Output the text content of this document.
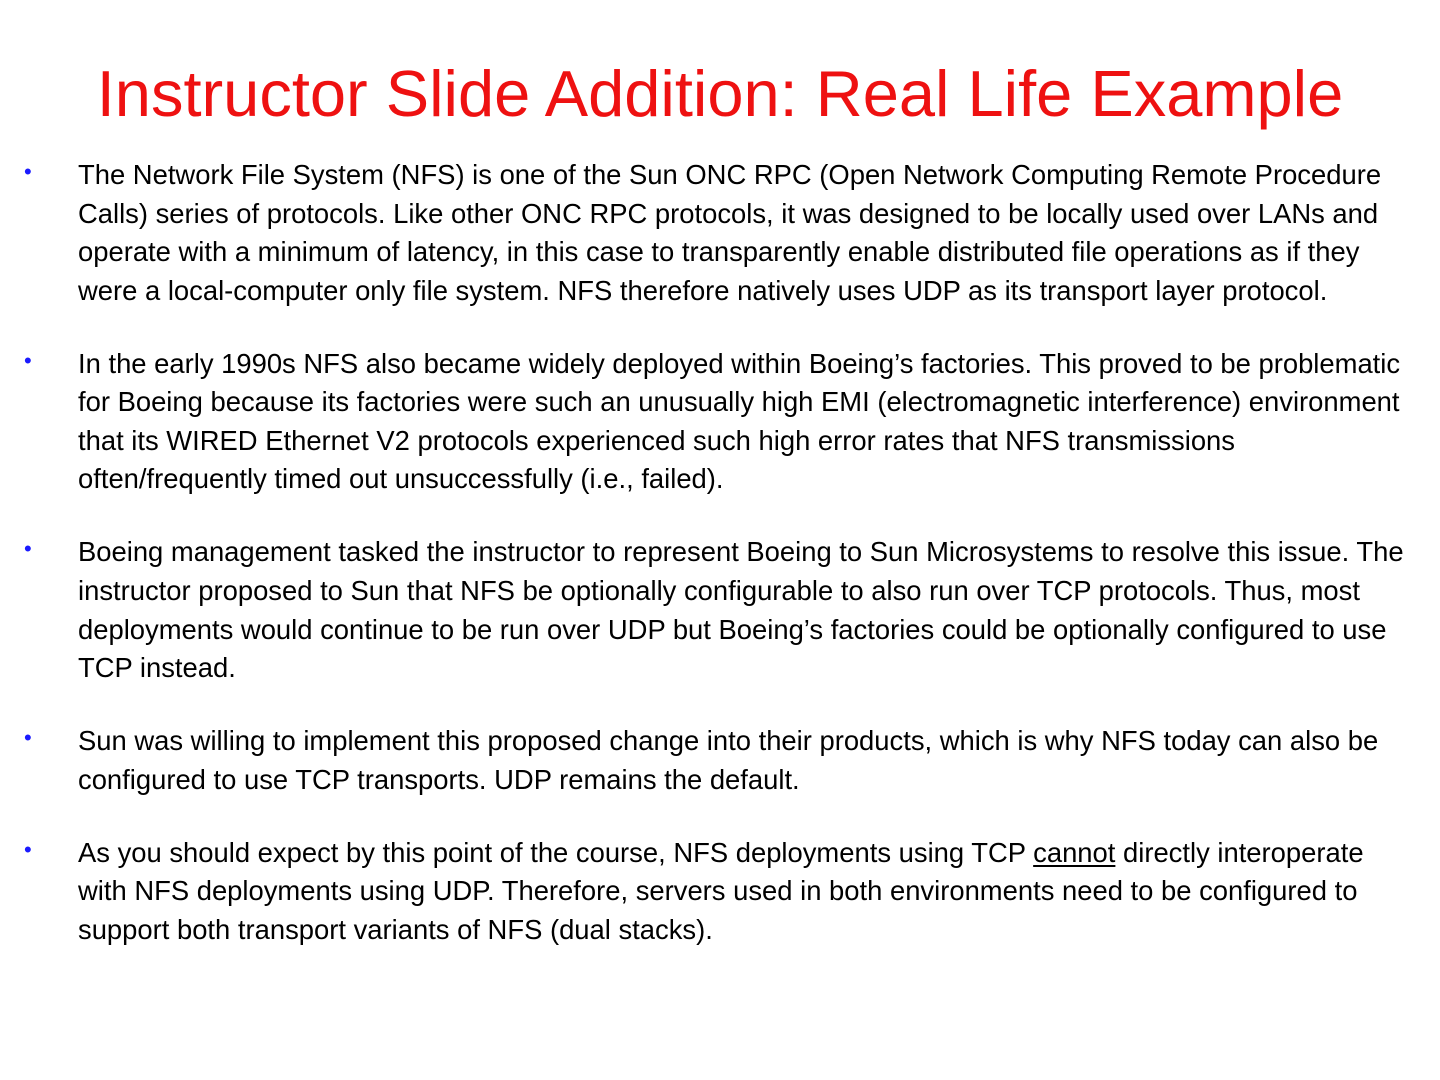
Instructor Slide Addition: Real Life Example
• The Network File System (NFS) is one of the Sun ONC RPC (Open Network Computing Remote Procedure Calls) series of protocols. Like other ONC RPC protocols, it was designed to be locally used over LANs and operate with a minimum of latency, in this case to transparently enable distributed file operations as if they were a local-computer only file system. NFS therefore natively uses UDP as its transport layer protocol.
• In the early 1990s NFS also became widely deployed within Boeing’s factories. This proved to be problematic for Boeing because its factories were such an unusually high EMI (electromagnetic interference) environment that its WIRED Ethernet V2 protocols experienced such high error rates that NFS transmissions often/frequently timed out unsuccessfully (i.e., failed).
• Boeing management tasked the instructor to represent Boeing to Sun Microsystems to resolve this issue. The instructor proposed to Sun that NFS be optionally configurable to also run over TCP protocols. Thus, most deployments would continue to be run over UDP but Boeing’s factories could be optionally configured to use TCP instead.
• Sun was willing to implement this proposed change into their products, which is why NFS today can also be configured to use TCP transports. UDP remains the default.
• As you should expect by this point of the course, NFS deployments using TCP cannot directly interoperate with NFS deployments using UDP. Therefore, servers used in both environments need to be configured to support both transport variants of NFS (dual stacks).
